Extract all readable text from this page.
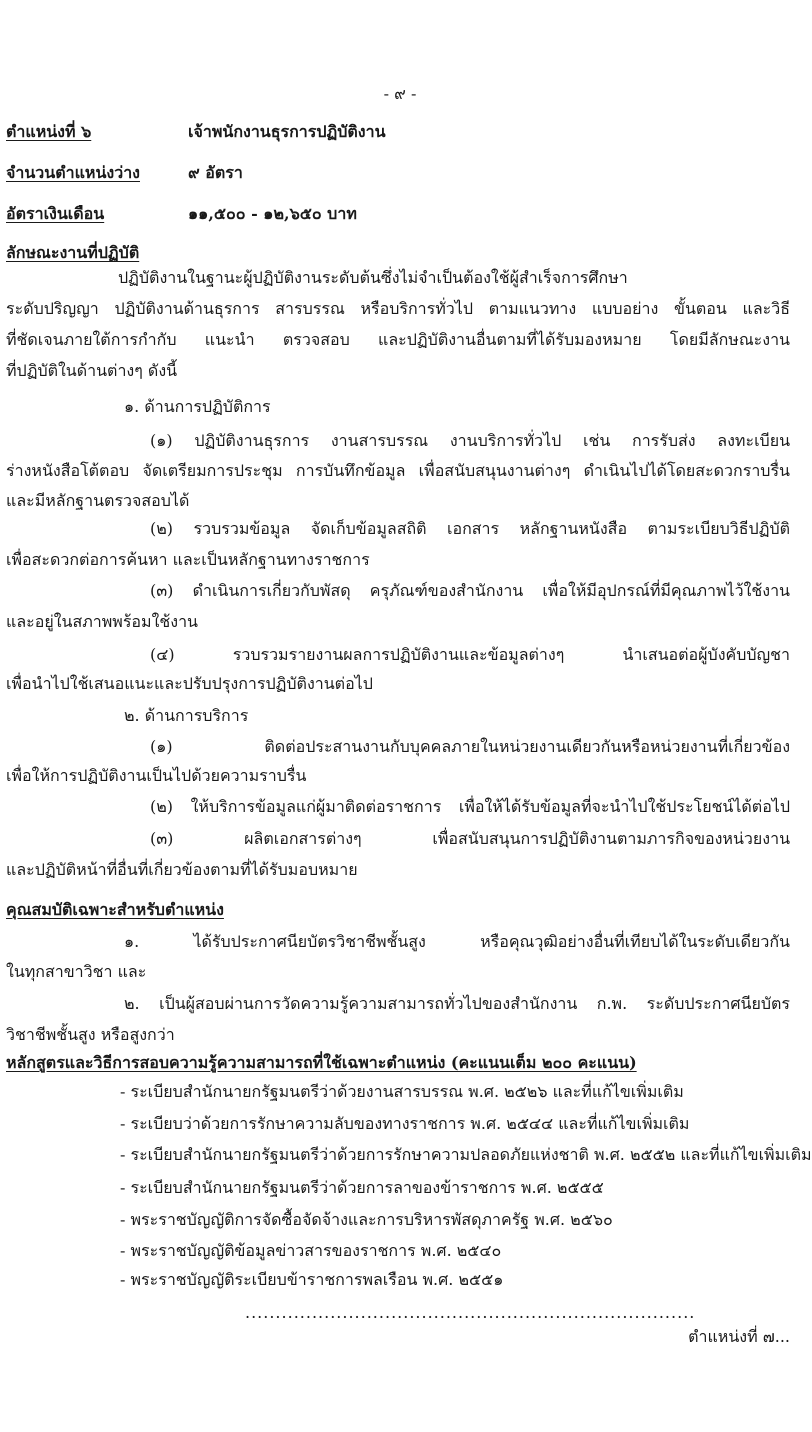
- ๙ -
ตำแหน่งที่ ๖	เจ้าพนักงานธุรการปฏิบัติงาน
จำนวนตำแหน่งว่าง	๙ อัตรา
อัตราเงินเดือน	๑๑,๕๐๐ - ๑๒,๖๕๐ บาท
ลักษณะงานที่ปฏิบัติ
ปฏิบัติงานในฐานะผู้ปฏิบัติงานระดับต้นซึ่งไม่จำเป็นต้องใช้ผู้สำเร็จการศึกษา
ระดับปริญญา ปฏิบัติงานด้านธุรการ สารบรรณ หรือบริการทั่วไป ตามแนวทาง แบบอย่าง ขั้นตอน และวิธี
ที่ชัดเจนภายใต้การกำกับ แนะนำ ตรวจสอบ และปฏิบัติงานอื่นตามที่ได้รับมองหมาย โดยมีลักษณะงาน
ที่ปฏิบัติในด้านต่างๆ ดังนี้
๑. ด้านการปฏิบัติการ
(๑) ปฏิบัติงานธุรการ งานสารบรรณ งานบริการทั่วไป เช่น การรับส่ง ลงทะเบียน
ร่างหนังสือโต้ตอบ จัดเตรียมการประชุม การบันทึกข้อมูล เพื่อสนับสนุนงานต่างๆ ดำเนินไปได้โดยสะดวกราบรื่น
และมีหลักฐานตรวจสอบได้
(๒) รวบรวมข้อมูล จัดเก็บข้อมูลสถิติ เอกสาร หลักฐานหนังสือ ตามระเบียบวิธีปฏิบัติ
เพื่อสะดวกต่อการค้นหา และเป็นหลักฐานทางราชการ
(๓) ดำเนินการเกี่ยวกับพัสดุ ครุภัณฑ์ของสำนักงาน เพื่อให้มีอุปกรณ์ที่มีคุณภาพไว้ใช้งาน
และอยู่ในสภาพพร้อมใช้งาน
(๔) รวบรวมรายงานผลการปฏิบัติงานและข้อมูลต่างๆ นำเสนอต่อผู้บังคับบัญชา
เพื่อนำไปใช้เสนอแนะและปรับปรุงการปฏิบัติงานต่อไป
๒. ด้านการบริการ
(๑) ติดต่อประสานงานกับบุคคลภายในหน่วยงานเดียวกันหรือหน่วยงานที่เกี่ยวข้อง
เพื่อให้การปฏิบัติงานเป็นไปด้วยความราบรื่น
(๒) ให้บริการข้อมูลแก่ผู้มาติดต่อราชการ เพื่อให้ได้รับข้อมูลที่จะนำไปใช้ประโยชน์ได้ต่อไป
(๓) ผลิตเอกสารต่างๆ เพื่อสนับสนุนการปฏิบัติงานตามภารกิจของหน่วยงาน
และปฏิบัติหน้าที่อื่นที่เกี่ยวข้องตามที่ได้รับมอบหมาย
คุณสมบัติเฉพาะสำหรับตำแหน่ง
๑. ได้รับประกาศนียบัตรวิชาชีพชั้นสูง หรือคุณวุฒิอย่างอื่นที่เทียบได้ในระดับเดียวกัน
ในทุกสาขาวิชา และ
๒. เป็นผู้สอบผ่านการวัดความรู้ความสามารถทั่วไปของสำนักงาน ก.พ. ระดับประกาศนียบัตร
วิชาชีพชั้นสูง หรือสูงกว่า
หลักสูตรและวิธีการสอบความรู้ความสามารถที่ใช้เฉพาะตำแหน่ง (คะแนนเต็ม ๒๐๐ คะแนน)
- ระเบียบสำนักนายกรัฐมนตรีว่าด้วยงานสารบรรณ พ.ศ. ๒๕๒๖ และที่แก้ไขเพิ่มเติม
- ระเบียบว่าด้วยการรักษาความลับของทางราชการ พ.ศ. ๒๕๔๔ และที่แก้ไขเพิ่มเติม
- ระเบียบสำนักนายกรัฐมนตรีว่าด้วยการรักษาความปลอดภัยแห่งชาติ พ.ศ. ๒๕๕๒ และที่แก้ไขเพิ่มเติม
- ระเบียบสำนักนายกรัฐมนตรีว่าด้วยการลาของข้าราชการ พ.ศ. ๒๕๕๕
- พระราชบัญญัติการจัดซื้อจัดจ้างและการบริหารพัสดุภาครัฐ พ.ศ. ๒๕๖๐
- พระราชบัญญัติข้อมูลข่าวสารของราชการ พ.ศ. ๒๕๔๐
- พระราชบัญญัติระเบียบข้าราชการพลเรือน พ.ศ. ๒๕๕๑
..........................................................................
ตำแหน่งที่ ๗...
